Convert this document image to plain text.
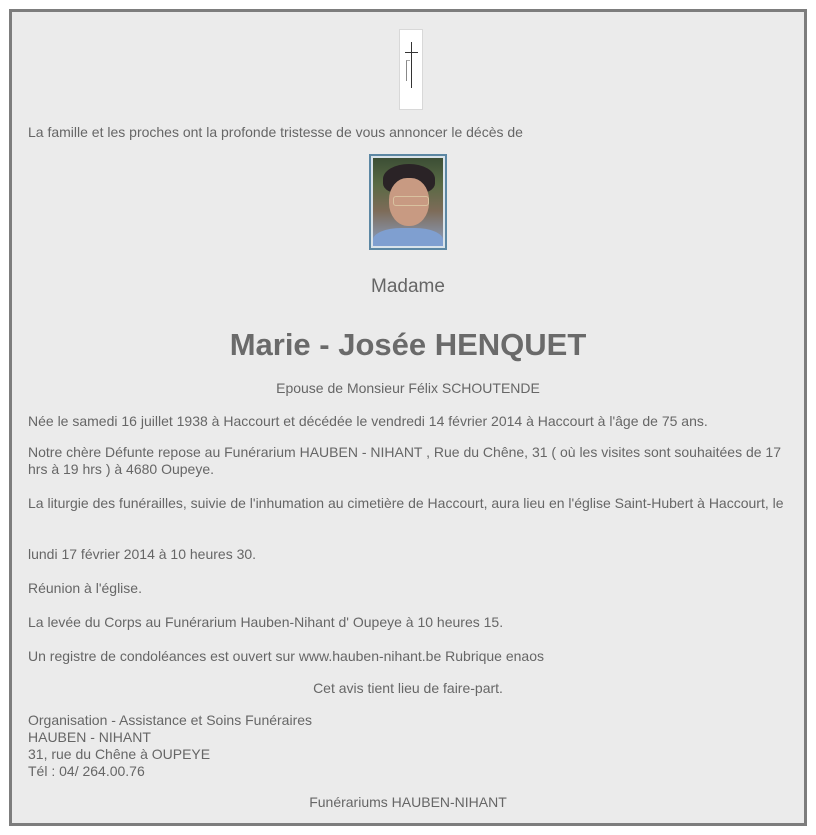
La famille et les proches ont la profonde tristesse de vous annoncer le décès de
Madame
Marie - Josée HENQUET
Epouse de Monsieur Félix SCHOUTENDE
Née le samedi 16 juillet 1938 à Haccourt et décédée le vendredi 14 février 2014 à Haccourt à l'âge de 75 ans.
Notre chère Défunte repose au Funérarium HAUBEN - NIHANT , Rue du Chêne, 31 ( où les visites sont souhaitées de 17 hrs à 19 hrs ) à 4680 Oupeye.
La liturgie des funérailles, suivie de l'inhumation au cimetière de Haccourt, aura lieu en l'église Saint-Hubert à Haccourt, le
lundi 17 février 2014 à 10 heures 30.
Réunion à l'église.
La levée du Corps au Funérarium Hauben-Nihant d' Oupeye à 10 heures 15.
Un registre de condoléances est ouvert sur www.hauben-nihant.be Rubrique enaos
Cet avis tient lieu de faire-part.
Organisation - Assistance et Soins Funéraires
HAUBEN - NIHANT
31, rue du Chêne à OUPEYE
Tél : 04/ 264.00.76
Funérariums HAUBEN-NIHANT
